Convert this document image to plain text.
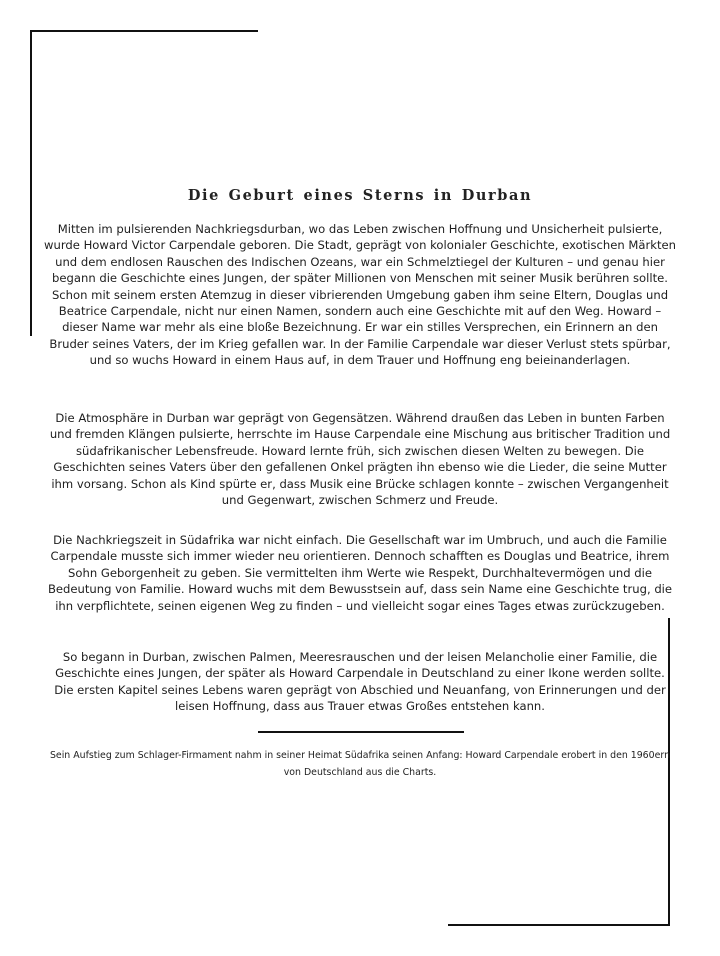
Die Geburt eines Sterns in Durban

Mitten im pulsierenden Nachkriegsdurban, wo das Leben zwischen Hoffnung und Unsicherheit pulsierte, wurde Howard Victor Carpendale geboren. Die Stadt, geprägt von kolonialer Geschichte, exotischen Märkten und dem endlosen Rauschen des Indischen Ozeans, war ein Schmelztiegel der Kulturen – und genau hier begann die Geschichte eines Jungen, der später Millionen von Menschen mit seiner Musik berühren sollte. Schon mit seinem ersten Atemzug in dieser vibrierenden Umgebung gaben ihm seine Eltern, Douglas und Beatrice Carpendale, nicht nur einen Namen, sondern auch eine Geschichte mit auf den Weg. Howard – dieser Name war mehr als eine bloße Bezeichnung. Er war ein stilles Versprechen, ein Erinnern an den Bruder seines Vaters, der im Krieg gefallen war. In der Familie Carpendale war dieser Verlust stets spürbar, und so wuchs Howard in einem Haus auf, in dem Trauer und Hoffnung eng beieinanderlagen.

Die Atmosphäre in Durban war geprägt von Gegensätzen. Während draußen das Leben in bunten Farben und fremden Klängen pulsierte, herrschte im Hause Carpendale eine Mischung aus britischer Tradition und südafrikanischer Lebensfreude. Howard lernte früh, sich zwischen diesen Welten zu bewegen. Die Geschichten seines Vaters über den gefallenen Onkel prägten ihn ebenso wie die Lieder, die seine Mutter ihm vorsang. Schon als Kind spürte er, dass Musik eine Brücke schlagen konnte – zwischen Vergangenheit und Gegenwart, zwischen Schmerz und Freude.

Die Nachkriegszeit in Südafrika war nicht einfach. Die Gesellschaft war im Umbruch, und auch die Familie Carpendale musste sich immer wieder neu orientieren. Dennoch schafften es Douglas und Beatrice, ihrem Sohn Geborgenheit zu geben. Sie vermittelten ihm Werte wie Respekt, Durchhaltevermögen und die Bedeutung von Familie. Howard wuchs mit dem Bewusstsein auf, dass sein Name eine Geschichte trug, die ihn verpflichtete, seinen eigenen Weg zu finden – und vielleicht sogar eines Tages etwas zurückzugeben.

So begann in Durban, zwischen Palmen, Meeresrauschen und der leisen Melancholie einer Familie, die Geschichte eines Jungen, der später als Howard Carpendale in Deutschland zu einer Ikone werden sollte. Die ersten Kapitel seines Lebens waren geprägt von Abschied und Neuanfang, von Erinnerungen und der leisen Hoffnung, dass aus Trauer etwas Großes entstehen kann.

Sein Aufstieg zum Schlager-Firmament nahm in seiner Heimat Südafrika seinen Anfang: Howard Carpendale erobert in den 1960ern von Deutschland aus die Charts.
